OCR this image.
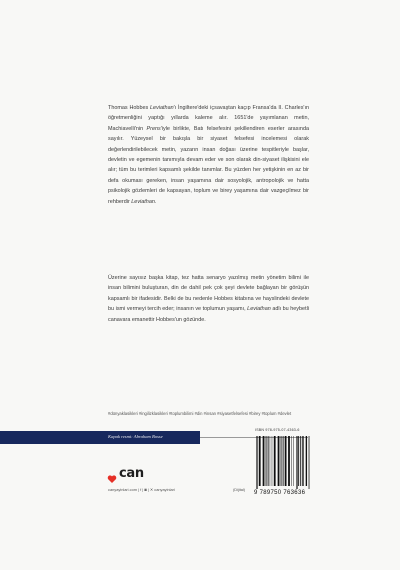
Thomas Hobbes Leviathan'ı İngiltere'deki içsavaştan kaçıp Fransa'da II. Charles'ın öğretmenliğini yaptığı yıllarda kaleme alır. 1651'de yayımlanan metin, Machiavelli'nin Prens'iyle birlikte, Batı felsefesini şekillendiren eserler arasında sayılır. Yüzeysel bir bakışla bir siyaset felsefesi incelemesi olarak değerlendirilebilecek metin, yazarın insan doğası üzerine tespitleriyle başlar, devletin ve egemenin tanımıyla devam eder ve son olarak din-siyaset ilişkisini ele alır; tüm bu terimleri kapsamlı şekilde tanımlar. Bu yüzden her yetişkinin en az bir defa okuması gereken, insan yaşamına dair sosyolojik, antropolojik ve hatta psikolojik gözlemleri de kapsayan, toplum ve birey yaşamına dair vazgeçilmez bir rehberdir Leviathan.

Üzerine sayısız başka kitap, tez hatta senaryo yazılmış metin yönetim bilimi ile insan bilimini buluşturan, din de dahil pek çok şeyi devlete bağlayan bir görüşün kapsamlı bir ifadesidir. Belki de bu nedenle Hobbes kitabına ve hayslindeki devlete bu ismi vermeyi tercih eder; insanın ve toplumun yaşamı, Leviathan adlı bu heybetli canavara emanettir Hobbes'un gözünde.

#dünyaklasikleri #ingilizklasikleri #toplumbilimi #din #insan #siyasetfelsefesi #birey #toplum #devlet
Kapak resmi: Abraham Bosse
ISBN 978-975-07-4363-6
9 789750 763636
can
canyayinlari.com | f | ◙ | ✕ canyayinlari	(Dijital)
